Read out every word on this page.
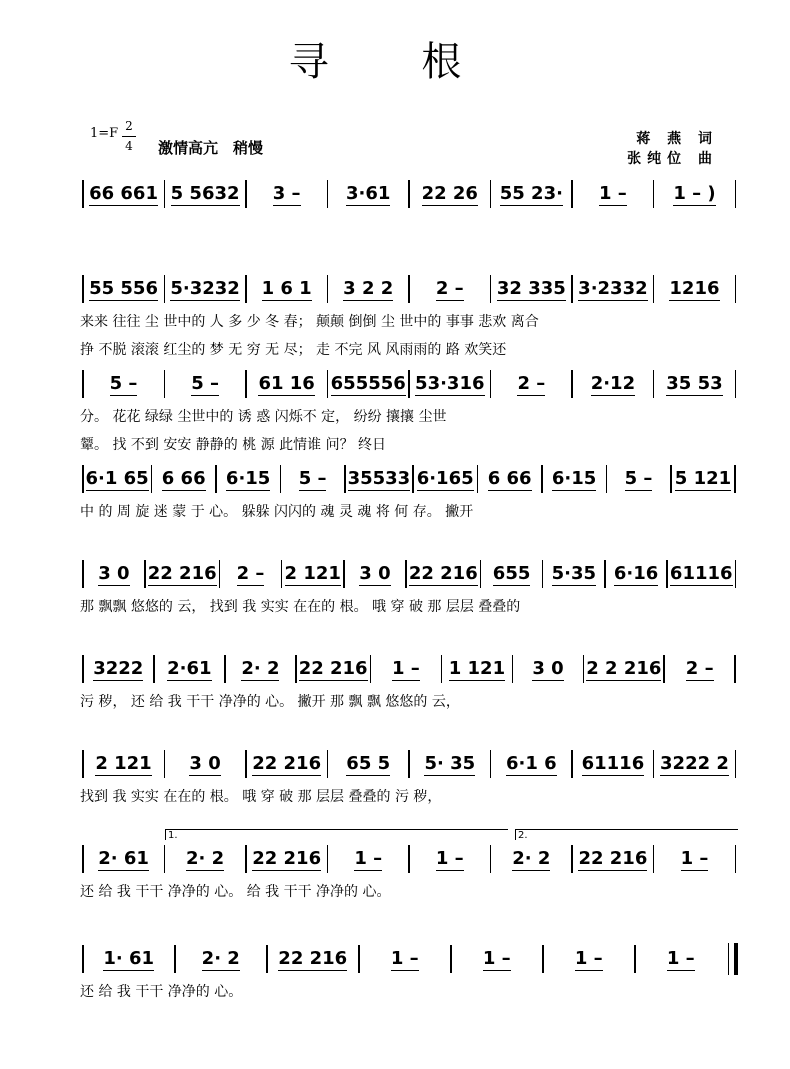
寻 根
1=F 2
4 激情高亢　稍慢	蒋 燕 词
张纯位 曲
66 661 5 5632 3 –	3·61 22 26 55 23· 1 –	1 – )
55 556 5·3232 1 6 1 3 2 2 2 – 32 335 3·2332 1216
来来 往往 尘 世中的 人 多 少 冬 春； 颠颠 倒倒 尘 世中的 事事 悲欢 离合
挣 不脱 滚滚 红尘的 梦 无 穷 无 尽； 走 不完 风 风雨雨的 路 欢笑还
5 –	5 – 61 16 655556 53·316 2 –	2·12 35 53
分。 花花 绿绿 尘世中的 诱 惑 闪烁不 定， 纷纷 攘攘 尘世
颦。 找 不到 安安 静静的 桃 源 此情谁 问？ 终日
6·1 65 6 66 6·15 5 – 35533 6·165 6 66 6·15 5 – 5 121
中 的 周 旋 迷 蒙 于 心。 躲躲 闪闪的 魂 灵 魂 将 何 存。 撇开
3 0 22 216 2 – 2 121 3 0 22 216 655 5·35 6·16 61116
那 飘飘 悠悠的 云， 找到 我 实实 在在的 根。 哦 穿 破 那 层层 叠叠的
3222 2·61 2· 2 22 216 1 – 1 121 3 0 2 2 216 2 –
污 秽， 还 给 我 干干 净净的 心。 撇开 那 飘 飘 悠悠的 云，
2 121 3 0 22 216 65 5 5· 35 6·1 6 61116 3222 2
找到 我 实实 在在的 根。 哦 穿 破 那 层层 叠叠的 污 秽，
2· 61 2· 2 22 216 1 –	1 –	2· 2 22 216 1 –
还 给 我 干干 净净的 心。 给 我 干干 净净的 心。
1.	2.
1· 61	2· 2 22 216 1 –	1 –	1 –	1 –
还 给 我 干干 净净的 心。
